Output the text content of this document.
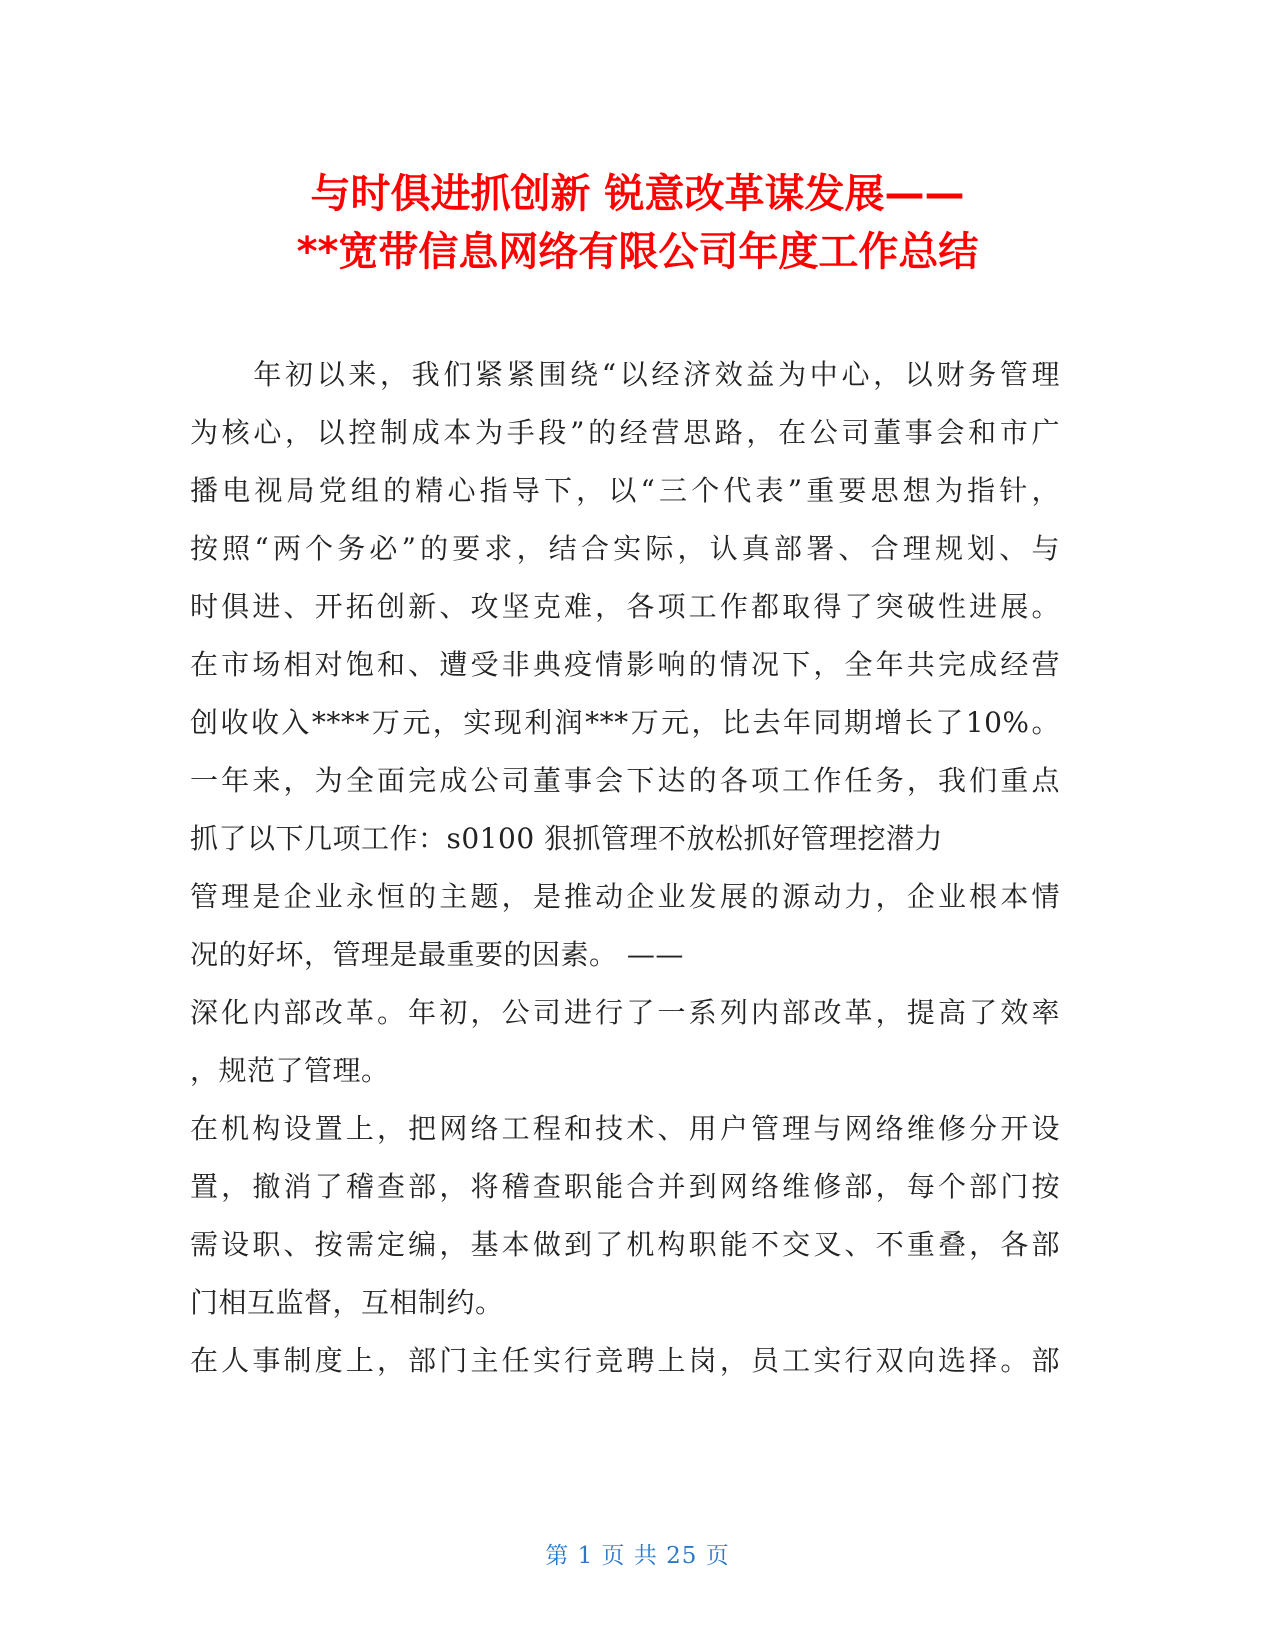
与时俱进抓创新 锐意改革谋发展——
**宽带信息网络有限公司年度工作总结
　　年初以来，我们紧紧围绕“以经济效益为中心，以财务管理
为核心，以控制成本为手段”的经营思路，在公司董事会和市广
播电视局党组的精心指导下，以“三个代表”重要思想为指针，
按照“两个务必”的要求，结合实际，认真部署、合理规划、与
时俱进、开拓创新、攻坚克难，各项工作都取得了突破性进展。
在市场相对饱和、遭受非典疫情影响的情况下，全年共完成经营
创收收入****万元，实现利润***万元，比去年同期增长了10%。
一年来，为全面完成公司董事会下达的各项工作任务，我们重点
抓了以下几项工作：s0100 狠抓管理不放松抓好管理挖潜力
管理是企业永恒的主题，是推动企业发展的源动力，企业根本情
况的好坏，管理是最重要的因素。 ——
深化内部改革。年初，公司进行了一系列内部改革，提高了效率
，规范了管理。
在机构设置上，把网络工程和技术、用户管理与网络维修分开设
置，撤消了稽查部，将稽查职能合并到网络维修部，每个部门按
需设职、按需定编，基本做到了机构职能不交叉、不重叠，各部
门相互监督，互相制约。
在人事制度上，部门主任实行竞聘上岗，员工实行双向选择。部
第 1 页 共 25 页
